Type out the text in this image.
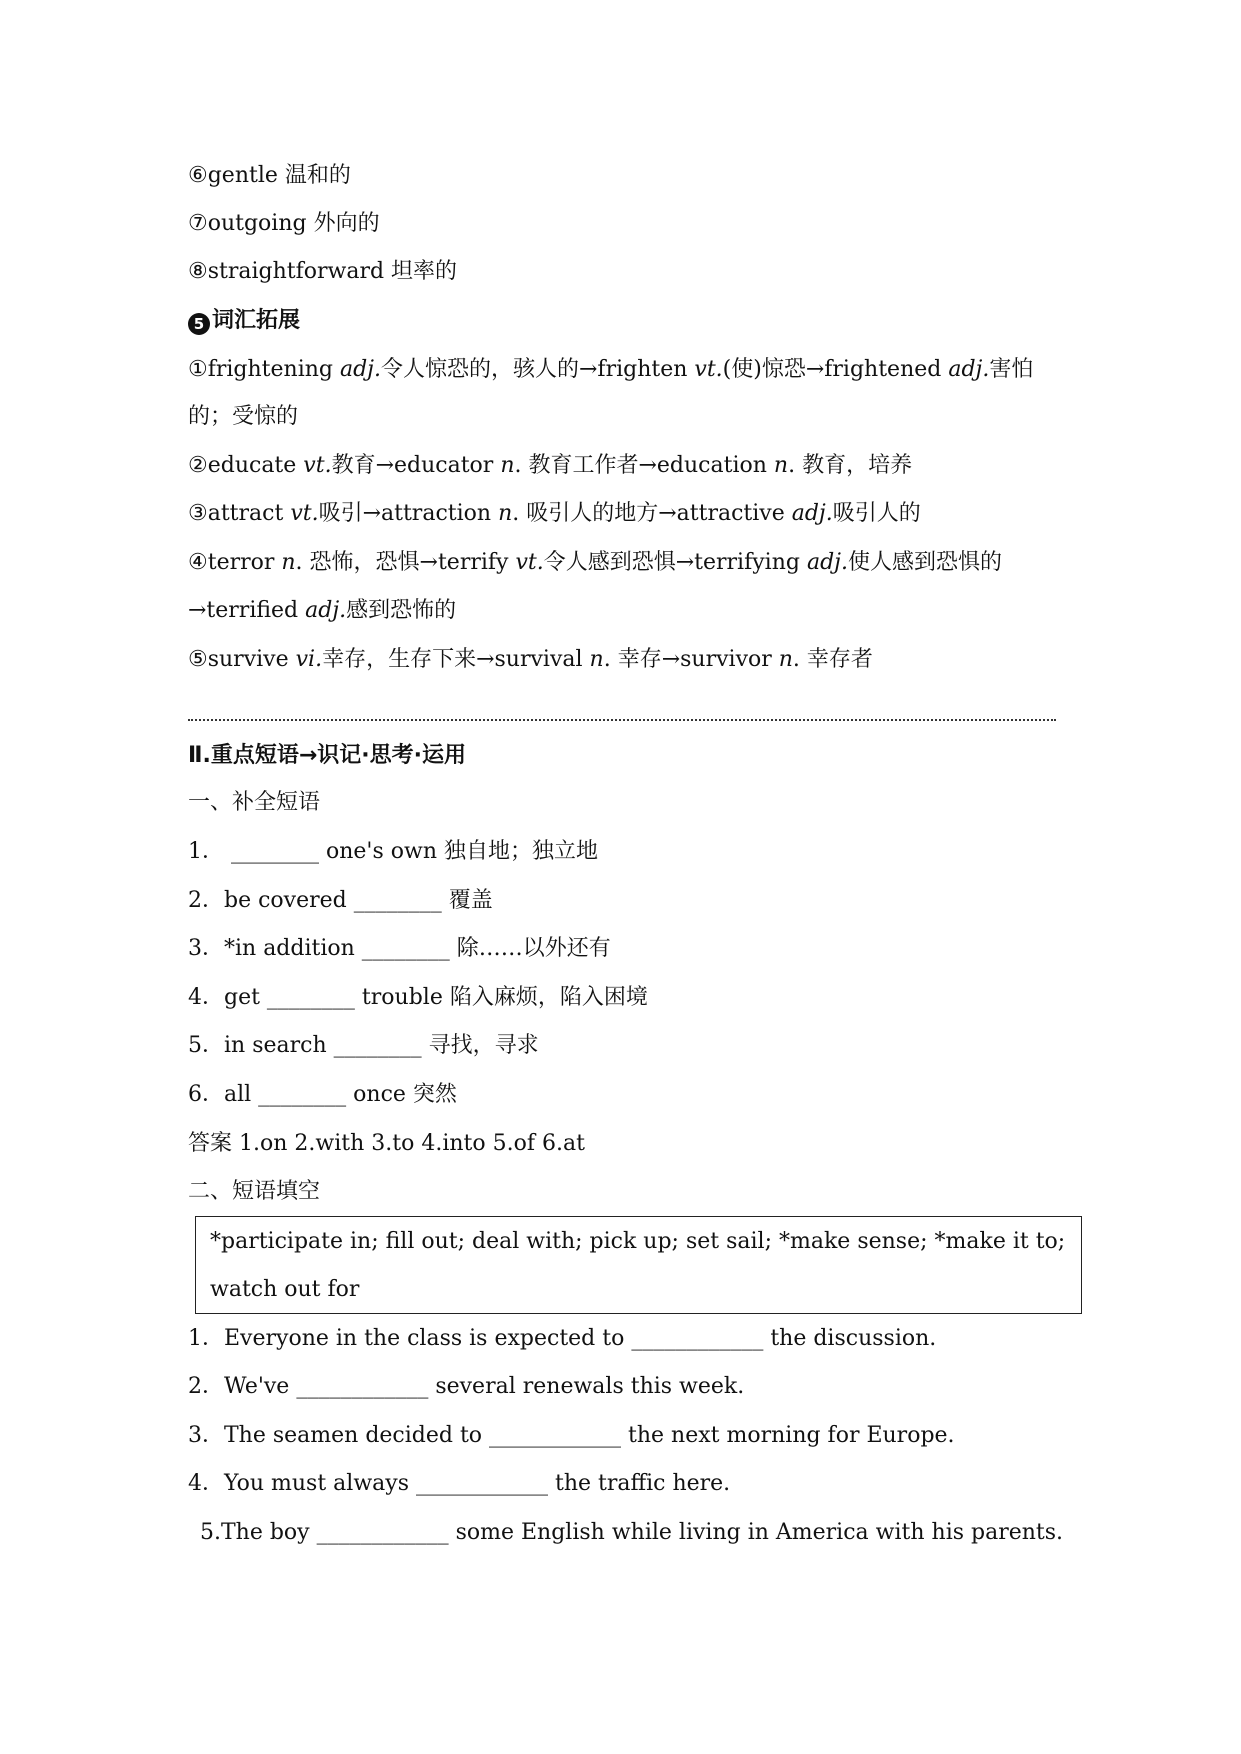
⑥gentle 温和的
⑦outgoing 外向的
⑧straightforward 坦率的
5 词汇拓展
①frightening adj.令人惊恐的，骇人的→frighten vt.(使)惊恐→frightened adj.害怕
的；受惊的
②educate vt.教育→educator n. 教育工作者→education n. 教育，培养
③attract vt.吸引→attraction n. 吸引人的地方→attractive adj.吸引人的
④terror n. 恐怖，恐惧→terrify vt.令人感到恐惧→terrifying adj.使人感到恐惧的
→terrified adj.感到恐怖的
⑤survive vi.幸存，生存下来→survival n. 幸存→survivor n. 幸存者
Ⅱ.重点短语→识记·思考·运用
一、补全短语
1． ________ one's own 独自地；独立地
2．be covered ________ 覆盖
3．*in addition ________ 除……以外还有
4．get ________ trouble 陷入麻烦，陷入困境
5．in search ________ 寻找，寻求
6．all ________ once 突然
答案 1.on 2.with 3.to 4.into 5.of 6.at
二、短语填空
*participate in; fill out; deal with; pick up; set sail; *make sense; *make it to;
watch out for
1．Everyone in the class is expected to ____________ the discussion.
2．We've ____________ several renewals this week.
3．The seamen decided to ____________ the next morning for Europe.
4．You must always ____________ the traffic here.
5.The boy ____________ some English while living in America with his parents.
